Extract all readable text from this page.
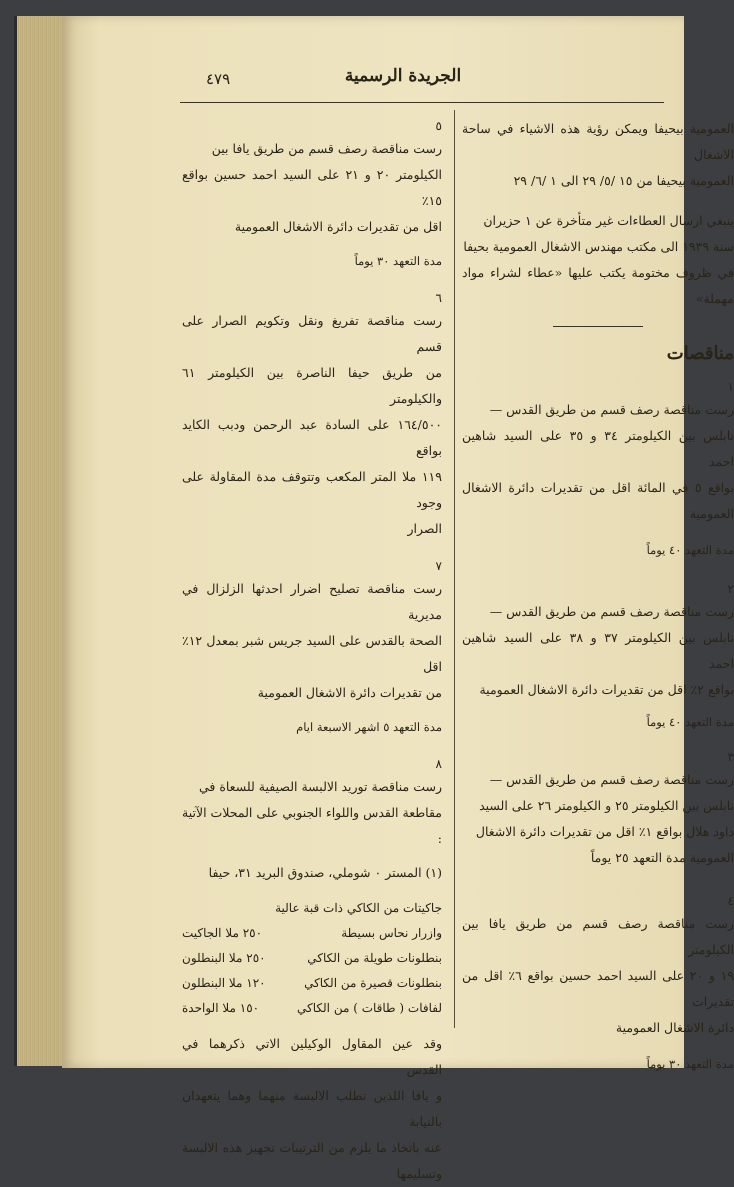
٤٧٩	الجريدة الرسمية

العمومية بيحيفا ويمكن رؤية هذه الاشياء في ساحة الاشغال

العمومية بيحيفا من ١٥ /٥/ ٢٩ الى ١ /٦/ ٢٩

ينبغي ارسال العطاءات غير متأخرة عن ١ حزيران

سنة ١٩٣٩ الى مكتب مهندس الاشغال العمومية بحيفا

في ظروف مختومة يكتب عليها «عطاء لشراء مواد مهملة»

مناقصات

١

رست مناقصة رصف قسم من طريق القدس —

نابلس بين الكيلومتر ٣٤ و ٣٥ على السيد شاهين احمد

بواقع ٥ في المائة اقل من تقديرات دائرة الاشغال العمومية

مدة التعهد ٤٠ يوماً

٢

رست مناقصة رصف قسم من طريق القدس —

نابلس بين الكيلومتر ٣٧ و ٣٨ على السيد شاهين احمد

بواقع ٢٪ اقل من تقديرات دائرة الاشغال العمومية

مدة التعهد ٤٠ يوماً

٣

رست مناقصة رصف قسم من طريق القدس —

نابلس بين الكيلومتر ٢٥ و الكيلومتر ٢٦ على السيد

داود هلال بواقع ١٪ اقل من تقديرات دائرة الاشغال

العمومية مدة التعهد ٢٥ يوماً

٤

رست مناقصة رصف قسم من طريق يافا بين الكيلومتر

١٩ و ٢٠ على السيد احمد حسين بواقع ٦٪ اقل من تقديرات

دائرة الاشغال العمومية

مدة التعهد ٣٠ يوماً

٥

رست مناقصة رصف قسم من طريق يافا بين

الكيلومتر ٢٠ و ٢١ على السيد احمد حسين بواقع ١٥٪

اقل من تقديرات دائرة الاشغال العمومية

مدة التعهد ٣٠ يوماً

٦

رست مناقصة تفريغ ونقل وتكويم الصرار على قسم

من طريق حيفا الناصرة بين الكيلومتر ٦١ والكيلومتر

١٦٤/٥٠٠ على السادة عبد الرحمن ودبب الكايد بواقع

١١٩ ملا المتر المكعب وتتوقف مدة المقاولة على وجود

الصرار

٧

رست مناقصة تصليح اضرار احدثها الزلزال في مديرية

الصحة بالقدس على السيد جريس شبر بمعدل ١٢٪ اقل

من تقديرات دائرة الاشغال العمومية

مدة التعهد ٥ اشهر الاسبعة ايام

٨

رست مناقصة توريد الالبسة الصيفية للسعاة في

مقاطعة القدس واللواء الجنوبي على المحلات الآتية :

(١) المستر ٠ شوملي، صندوق البريد ٣١، حيفا

جاكيتات من الكاكي ذات قبة عالية

وازرار نحاس بسيطة
٢٥٠ ملا الجاكيت
بنطلونات طويلة من الكاكي
٢٥٠ ملا البنطلون
بنطلونات قصيرة من الكاكي
١٢٠ ملا البنطلون
لفافات ( طاقات ) من الكاكي
١٥٠ ملا الواحدة

وقد عين المقاول الوكيلين الاتي ذكرهما في القدس

و يافا اللذين تطلب الالبسة منهما وهما يتعهدان بالنيابة

عنه باتخاذ ما يلزم من الترتيبات تجهيز هذه الالبسة وتسليمها
